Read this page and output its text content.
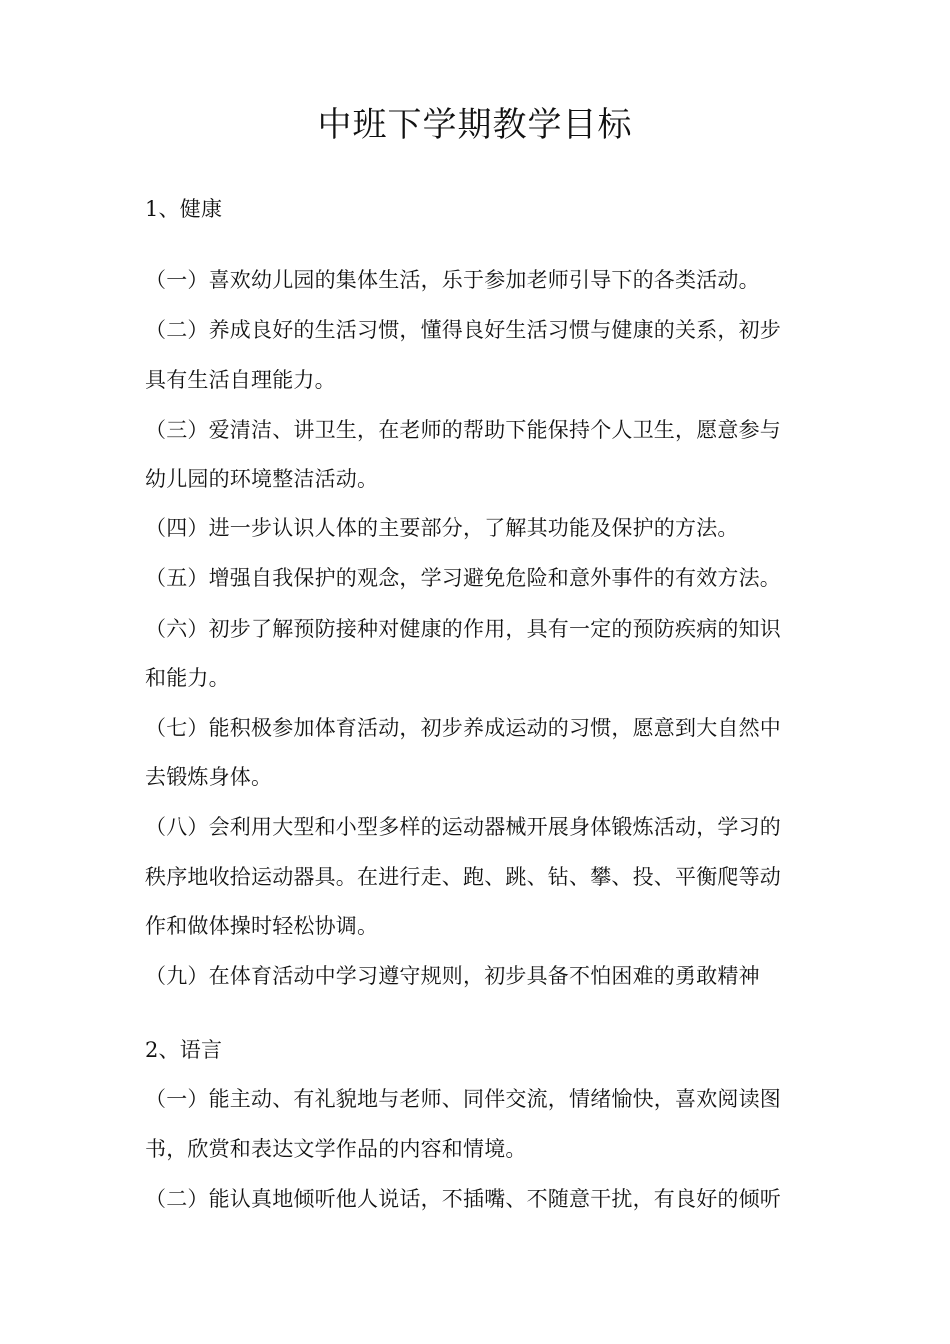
中班下学期教学目标
1、健康
（一）喜欢幼儿园的集体生活，乐于参加老师引导下的各类活动。
（二）养成良好的生活习惯，懂得良好生活习惯与健康的关系，初步
具有生活自理能力。
（三）爱清洁、讲卫生，在老师的帮助下能保持个人卫生，愿意参与
幼儿园的环境整洁活动。
（四）进一步认识人体的主要部分，了解其功能及保护的方法。
（五）增强自我保护的观念，学习避免危险和意外事件的有效方法。
（六）初步了解预防接种对健康的作用，具有一定的预防疾病的知识
和能力。
（七）能积极参加体育活动，初步养成运动的习惯，愿意到大自然中
去锻炼身体。
（八）会利用大型和小型多样的运动器械开展身体锻炼活动，学习的
秩序地收拾运动器具。在进行走、跑、跳、钻、攀、投、平衡爬等动
作和做体操时轻松协调。
（九）在体育活动中学习遵守规则，初步具备不怕困难的勇敢精神
2、语言
（一）能主动、有礼貌地与老师、同伴交流，情绪愉快，喜欢阅读图
书，欣赏和表达文学作品的内容和情境。
（二）能认真地倾听他人说话，不插嘴、不随意干扰，有良好的倾听
